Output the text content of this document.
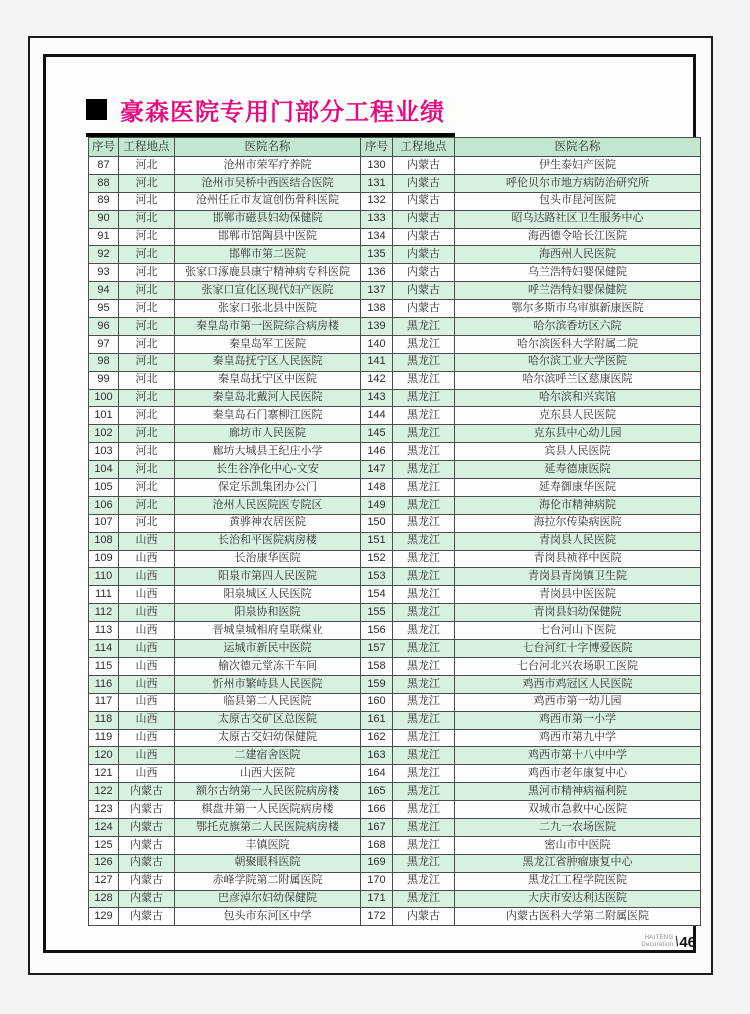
豪森医院专用门部分工程业绩
序号	工程地点	医院名称	序号	工程地点	医院名称
87	河北	沧州市荣军疗养院	130	内蒙古	伊生泰妇产医院
88	河北	沧州市吴桥中西医结合医院	131	内蒙古	呼伦贝尔市地方病防治研究所
89	河北	沧州任丘市友谊创伤骨科医院	132	内蒙古	包头市昆河医院
90	河北	邯郸市磁县妇幼保健院	133	内蒙古	昭乌达路社区卫生服务中心
91	河北	邯郸市馆陶县中医院	134	内蒙古	海西德令哈长江医院
92	河北	邯郸市第二医院	135	内蒙古	海西州人民医院
93	河北	张家口涿鹿县康宁精神病专科医院	136	内蒙古	乌兰浩特妇婴保健院
94	河北	张家口宣化区现代妇产医院	137	内蒙古	呼兰浩特妇婴保健院
95	河北	张家口张北县中医院	138	内蒙古	鄂尔多斯市乌审旗新康医院
96	河北	秦皇岛市第一医院综合病房楼	139	黑龙江	哈尔滨香坊区六院
97	河北	秦皇岛军工医院	140	黑龙江	哈尔滨医科大学附属二院
98	河北	秦皇岛抚宁区人民医院	141	黑龙江	哈尔滨工业大学医院
99	河北	秦皇岛抚宁区中医院	142	黑龙江	哈尔滨呼兰区慈康医院
100	河北	秦皇岛北戴河人民医院	143	黑龙江	哈尔滨和兴宾馆
101	河北	秦皇岛石门寨柳江医院	144	黑龙江	克东县人民医院
102	河北	廊坊市人民医院	145	黑龙江	克东县中心幼儿园
103	河北	廊坊大城县王纪庄小学	146	黑龙江	宾县人民医院
104	河北	长生谷净化中心-文安	147	黑龙江	延寿德康医院
105	河北	保定乐凯集团办公门	148	黑龙江	延寿御康华医院
106	河北	沧州人民医院医专院区	149	黑龙江	海伦市精神病院
107	河北	黄骅神农居医院	150	黑龙江	海拉尔传染病医院
108	山西	长治和平医院病房楼	151	黑龙江	青岗县人民医院
109	山西	长治康华医院	152	黑龙江	青岗县祯祥中医院
110	山西	阳泉市第四人民医院	153	黑龙江	青岗县青岗镇卫生院
111	山西	阳泉城区人民医院	154	黑龙江	青岗县中医医院
112	山西	阳泉协和医院	155	黑龙江	青岗县妇幼保健院
113	山西	晋城皇城相府皇联煤业	156	黑龙江	七台河山下医院
114	山西	运城市新民中医院	157	黑龙江	七台河红十字博爱医院
115	山西	榆次德元堂冻干车间	158	黑龙江	七台河北兴农场职工医院
116	山西	忻州市繁峙县人民医院	159	黑龙江	鸡西市鸡冠区人民医院
117	山西	临县第二人民医院	160	黑龙江	鸡西市第一幼儿园
118	山西	太原古交矿区总医院	161	黑龙江	鸡西市第一小学
119	山西	太原古交妇幼保健院	162	黑龙江	鸡西市第九中学
120	山西	二建宿舍医院	163	黑龙江	鸡西市第十八中中学
121	山西	山西大医院	164	黑龙江	鸡西市老年康复中心
122	内蒙古	额尔古纳第一人民医院病房楼	165	黑龙江	黑河市精神病福利院
123	内蒙古	棋盘井第一人民医院病房楼	166	黑龙江	双城市急救中心医院
124	内蒙古	鄂托克旗第二人民医院病房楼	167	黑龙江	二九一农场医院
125	内蒙古	丰镇医院	168	黑龙江	密山市中医院
126	内蒙古	朝聚眼科医院	169	黑龙江	黑龙江省肿瘤康复中心
127	内蒙古	赤峰学院第二附属医院	170	黑龙江	黑龙江工程学院医院
128	内蒙古	巴彦淖尔妇幼保健院	171	黑龙江	大庆市安达利达医院
129	内蒙古	包头市东河区中学	172	内蒙古	内蒙古医科大学第二附属医院
HAITENG
Decoration \
46
